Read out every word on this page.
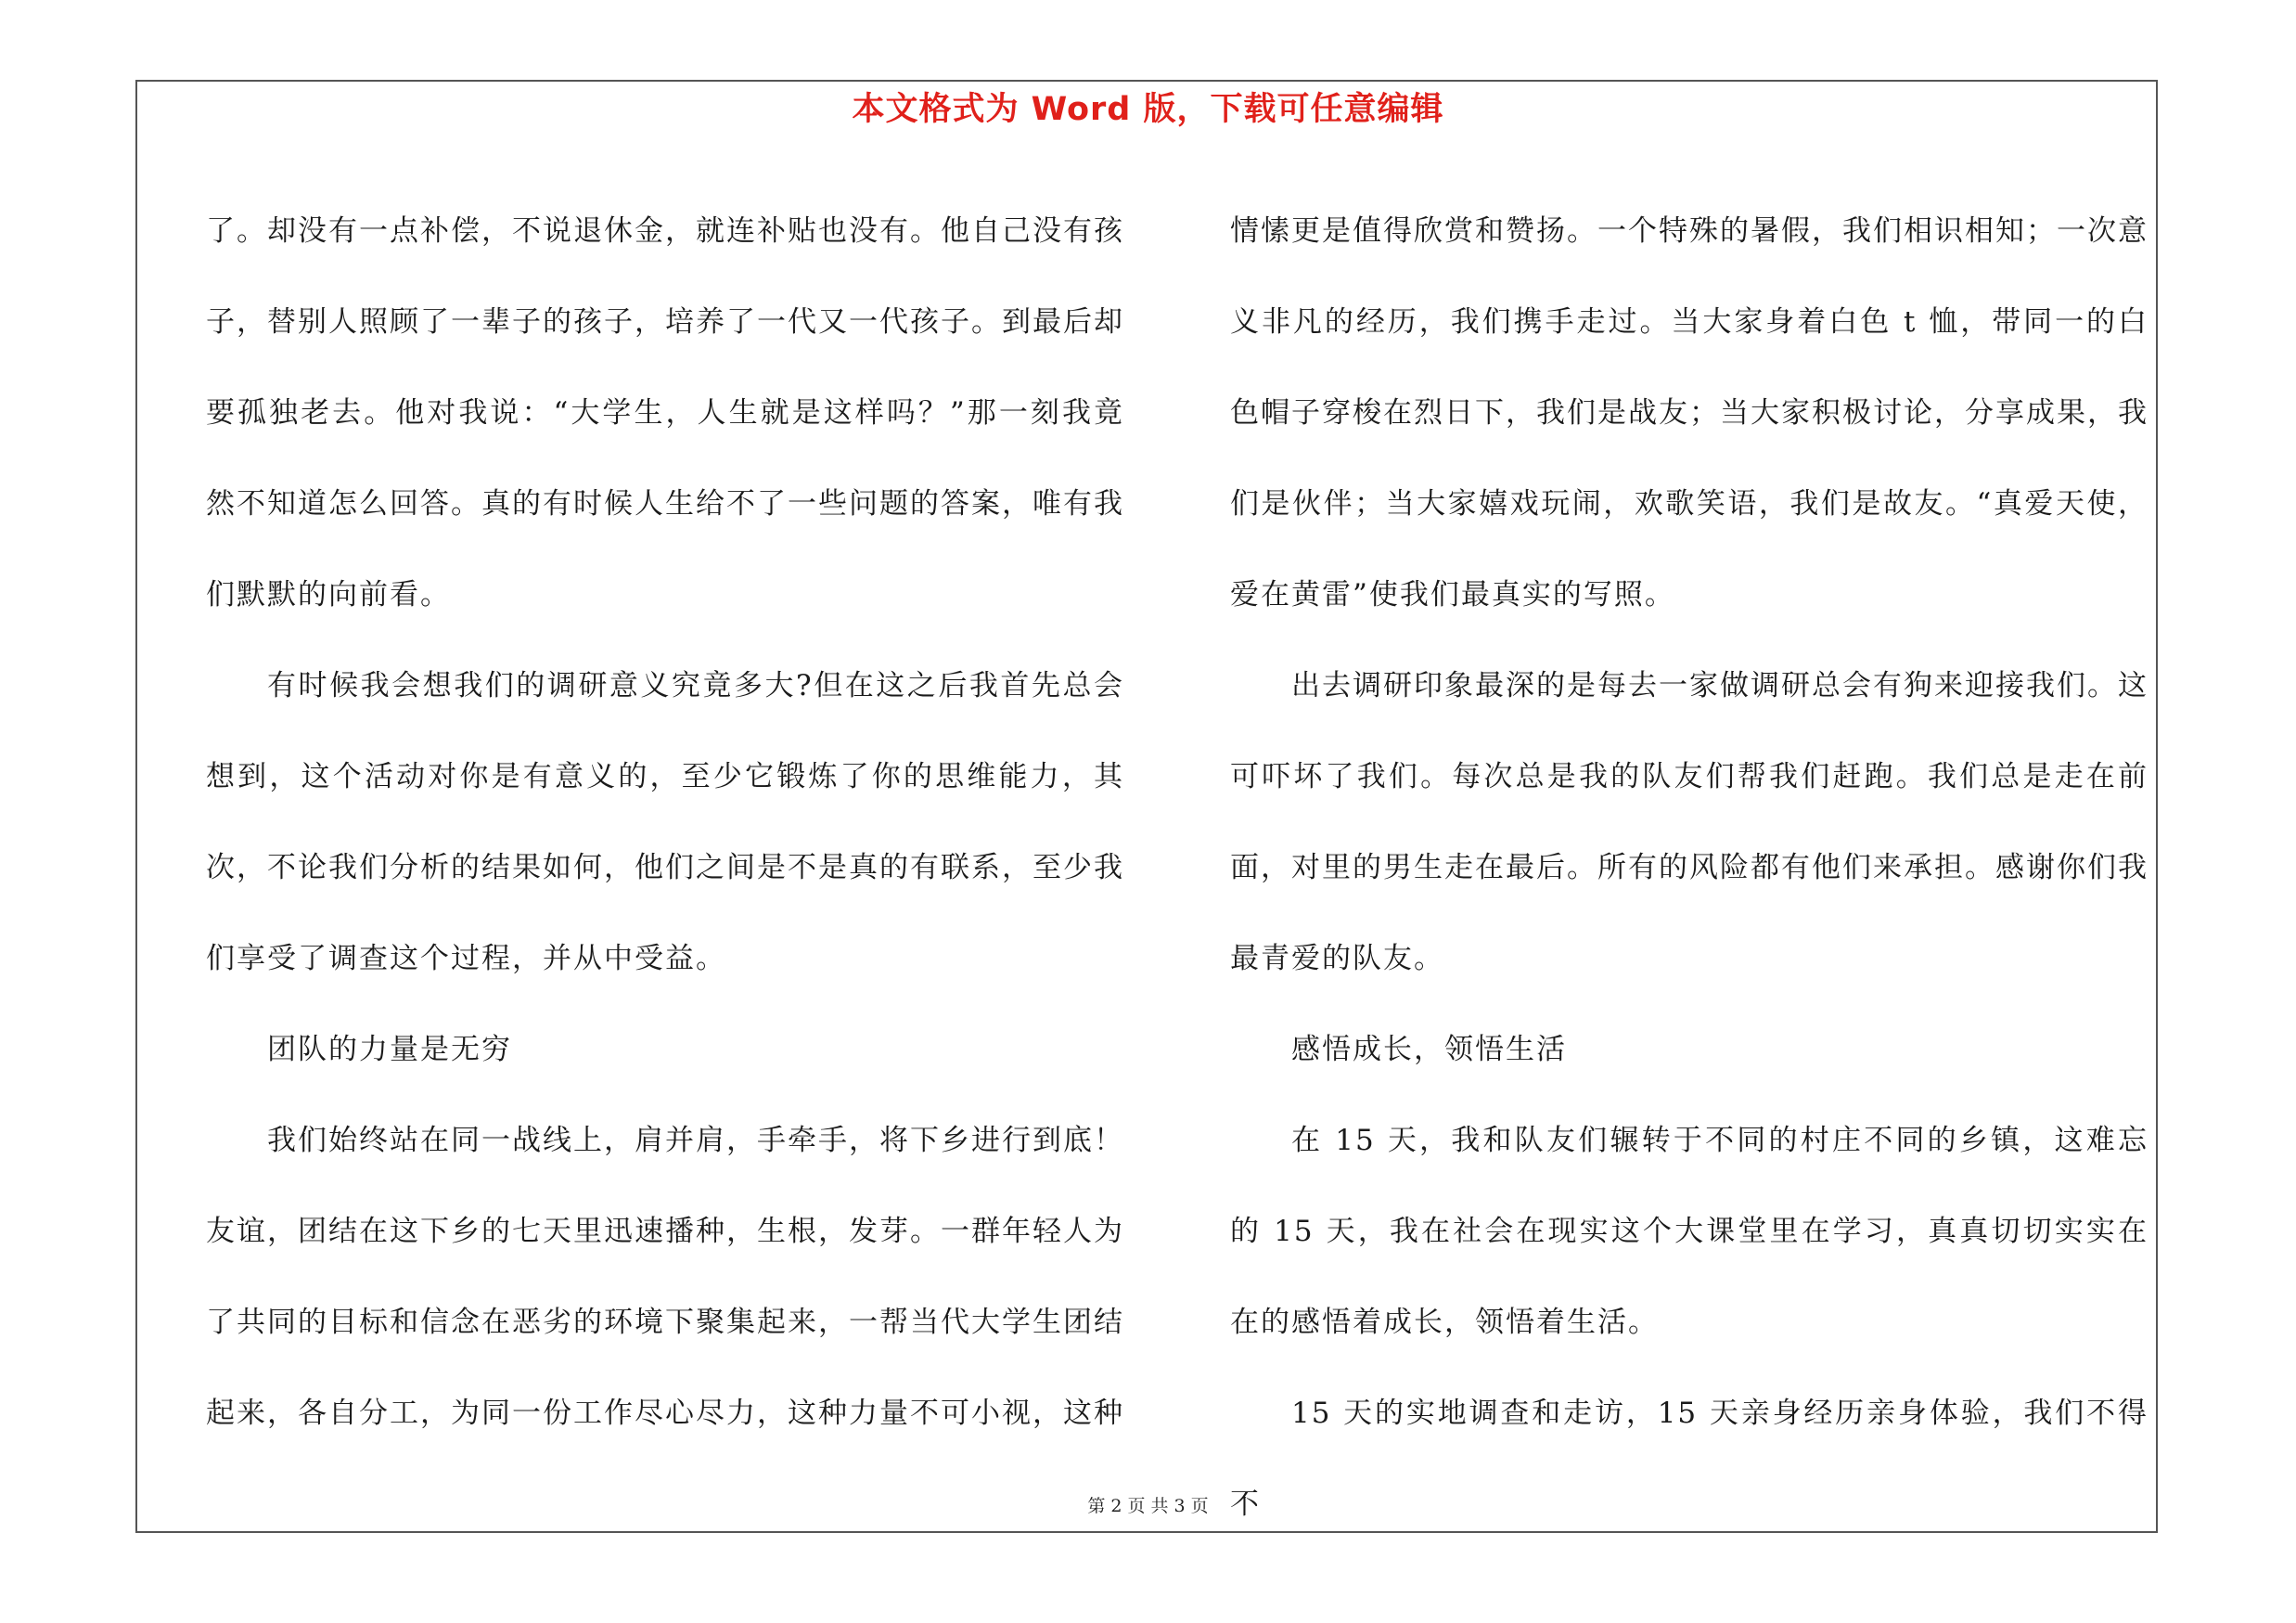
本文格式为 Word 版，下载可任意编辑

了。却没有一点补偿，不说退休金，就连补贴也没有。他自己没有孩子，替别人照顾了一辈子的孩子，培养了一代又一代孩子。到最后却要孤独老去。他对我说：“大学生，人生就是这样吗？”那一刻我竟然不知道怎么回答。真的有时候人生给不了一些问题的答案，唯有我们默默的向前看。

有时候我会想我们的调研意义究竟多大?但在这之后我首先总会想到，这个活动对你是有意义的，至少它锻炼了你的思维能力，其次，不论我们分析的结果如何，他们之间是不是真的有联系，至少我们享受了调查这个过程，并从中受益。

团队的力量是无穷

我们始终站在同一战线上，肩并肩，手牵手，将下乡进行到底！友谊，团结在这下乡的七天里迅速播种，生根，发芽。一群年轻人为了共同的目标和信念在恶劣的环境下聚集起来，一帮当代大学生团结起来，各自分工，为同一份工作尽心尽力，这种力量不可小视，这种

情愫更是值得欣赏和赞扬。一个特殊的暑假，我们相识相知；一次意义非凡的经历，我们携手走过。当大家身着白色 t 恤，带同一的白色帽子穿梭在烈日下，我们是战友；当大家积极讨论，分享成果，我们是伙伴；当大家嬉戏玩闹，欢歌笑语，我们是故友。“真爱天使，爱在黄雷”使我们最真实的写照。

出去调研印象最深的是每去一家做调研总会有狗来迎接我们。这可吓坏了我们。每次总是我的队友们帮我们赶跑。我们总是走在前面，对里的男生走在最后。所有的风险都有他们来承担。感谢你们我最青爱的队友。

感悟成长，领悟生活

在 15 天，我和队友们辗转于不同的村庄不同的乡镇，这难忘的 15 天，我在社会在现实这个大课堂里在学习，真真切切实实在在的感悟着成长，领悟着生活。

15 天的实地调查和走访，15 天亲身经历亲身体验，我们不得不

第 2 页 共 3 页
